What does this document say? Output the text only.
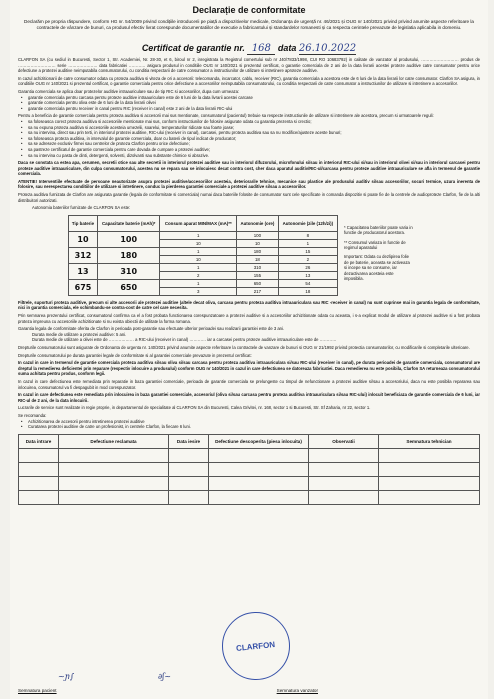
Declarație de conformitate
Declarăm pe propria răspundere, conform HG nr. 54/2009 privind condițiile introducerii pe piață a dispozitivelor medicale, Ordonanța de urgență nr. 46/2021 și OUG nr 140/2021 privind privind anumite aspecte referitoare la contractele de vânzare de bunuri, ca produsul efectiv livrat corespunde documentatiilor de executie a fabricantului și standardelor romanesti și ca respecta cerintele prevazute de legislatia aplicabila in domeniu.
Certificat de garantie nr. 168 data 26.10.2022
CLARFON SA (cu sediul in Bucuresti, Sector 1, Str. Academiei, Nr. 28-30, et 6, biroul nr 2, inregistrata la Registrul comertului sub nr J40/7833/1998, CUI RO 10683792) in calitate de vanzator al produsului, ……………………… produs de ……………………… serie ………………… data fabricatiei ………… asigura produsul in conditiile OUG nr 140/2021 si prezentul certificat, o garantie comerciala de 2 ani de la data livrarii acestei proteze auditive catre consumator pentru orice defectiune a protezei auditive neimputabila consumatorului, cu conditia respectarii de catre consumator a instructiunilor de utilizare si intretinere aproteze auditive.
In cazul achizitionarii de catre consumator odata cu proteza auditiva si viteza de ori a accesorii: telecomanda, incarcator, cablu, receiver (RIC), garantia comerciala a acestora este de 6 luni de la data livrarii lor catre consumator. Clarfon SA asigura, in conditiile OUG nr 140/2021 si prezentul certificat, o garantie comerciala pentru orice defectiune a accesoriilor neimputabila consumatorului, cu conditia respectarii de catre consumator a instructiunilor de utilizare si intretinere a accesoriilor.
Garantia comerciala se aplica doar protezelor auditive intraauriculare sau de tip RIC si accesoriilor, dupa cum urmeaza:
• garantie comerciala pentru carcasa pentru proteze auditive intraauriculare este de 6 luni de la data livrarii acestei carcase
• garantie comerciala pentru oliva este de 6 luni de la data livrarii olivei
• garantie comerciala pentru receiver in canal pentru RIC (receiver in canal) este 2 ani de la data livrarii RIC-ului
Pentru a beneficia de garantie comerciala pentru proteza auditiva si accesorii mai sus mentionate, consumatorul (pacientul) trebuie sa respecte instructiunile de utilizare si intretinere ale acestora, precum si urmatoarele reguli:
• sa foloseasca corect proteza auditiva si accesoriile mentionate mai sus, conform instructiunilor de folosire asigurate odata cu garantia prezenta si crectio;
• sa nu expuna proteza auditiva si accesoriile acesteia umezelii, soarelui, temperaturilor ridicate sau foarte joase;
• sa nu intervina, direct sau prin terti, in interiorul protezei auditive, RIC-ului (receiver in canal), carcasei, pentru proteza auditiva sau sa nu modifice/ajusteze aceste bunuri;
• sa foloseasca proteza auditiva, in intervalul de garantie comerciala, doar cu baterii de tipul indicat de producator;
• sa se adreseze exclusiv firmei sau centrelor de proteza Clarfon pentru orice defectiune;
• sa pastreze certificatul de garantie comerciala pentru care dovada de cumpare a protezei auditive;
• sa nu intervina cu pasta de dinti, detergenti, solventi, dizolvanti sau substante chimice si abrazive.
Daca se constata ca estea apa, cerumen, secretii otice sau alte secretii in interiorul protezei auditive sau in interiorul difuzorului, microfonului si/sau in interiorul RIC-ului si/sau in interiorul olivei si/sau in interiorul carcasei pentru proteze auditive intraauriculare, din culpa consumatorului, acestea nu se repara sau se inlocuiesc decat contra cost, cher daca aparatul auditiv/RIC-ul/carcasa pentru proteze auditive intraauriculare se afla in termenul de garantie comerciala.
ATENTIE! Interventiile efectuate de persoane neautorizate asupra protezei auditive/accesoriilor acesteia, deteriorarile tehnice, mecanice sau plastice ale produsului auditiv si/sau accesoriilor, socuri termice, uzura inerenta de folosire, sau nerespectarea conditiilor de utilizare si intretinere, conduc la pierderea garantiei comerciale a protezei auditive si/sau a accesoriilor.
Proteza auditiva furnizata de Clarfon are asigurata garantie (legala de conformitate si comerciala) numai daca bateriile folosite de consumator sunt cele specificate in comanda dispozitiv si poate fie de la centrele de audioproteze Clarfon, fie de la alti distribuitori autorizati.
Autonomia bateriilor furnizate de CLARFON SA este:
Tip baterie	Capacitate baterie (mAh)*	Consum aparat MIN/MAX (mA)**	Autonomie (ore)	Autonomie (zile (12h/zi))
10	100	1	100	8
		10	10	1
312	180	1	180	15
		10	18	2
13	310	1	310	26
		2	155	13
675	650	1	650	54
		3	217	18

* Capacitatea bateriilor poate varia in functie de producatorul acestora.

** Consumul variaza in functie de regimul aparatului

Important: Odata cu dezlipirea folie de pe baterie, aceasta se activeaza si incepe sa se consume, iar dezactivarea acesteia este imposibila.

Filtrele, suporturi proteza auditive, precum si alte accesorii ale protezei auditive (altele decat oliva, carcasa pentru proteza auditiva intraauriculara sau RIC -receiver in canal) nu sunt cuprinse mai in garantia legala de conformitate, nici in garantia comerciala, ele schimbandu-se contra-cost de catre cel care necesita.
Prin semnarea prezentului certificat, consumatorul confirma ca el a fost probata functionarea corespunzatoare a protezei auditive si a accesoriilor achizitionate odata cu aceasta, i s-a explicat modul de utilizare al protezei auditive si a fost probata proteza impreuna cu accesoriile achizitionate si nu exista obiectii de utilitate la forma romana.
Garantia legala de conformitate oferita de Clarfon in perioada post-garantie sau efectuate ulterior perioadei sau realizarii garantiei este de 3 ani.
Durata medie de utilizare a protezei auditive: 5 ani.
Durata medie de utilizare a olivei este de ……………… a RIC-ului (receiver in canal) ………… iar a carcasei pentru proteze auditive intraauriculare este de …………
Drepturile consumatorului sunt asigurate de Ordonanta de urgenta nr. 140/2021 privind anumite aspecte referitoare la contractele de vanzare de bunuri si OUG nr 21/1992 privind protectia consumatorilor, cu modificarile si completarile ulterioare.
Drepturile consumatorului pe durata garantiei legale de conformitate si al garantiei comerciale prevazute in prezentul certificat:
In cazul in care in termenul de garantie comerciala proteza auditiva si/sau oliva si/sau carcasa pentru proteza auditiva intraauriculara si/sau RIC-ului (receiver in canal), pe durata perioadei de garantie comerciala, consumatorul are dreptul la remedierea deficientei prin reparare (respectiv inlocuire a produsului) conform OUG nr 140/2021 in cazul in care defectiunea se datoreaza fabricatiei. Daca remedierea nu este posibila, Clarfon SA returneaza consumatorului suma achitata pentru produs, conform legii.
In cazul in care defectiunea este remediata prin reparatie in baza garantiei comerciale, perioada de garantie comerciala se prelungeste cu timpul de nefunctionare a protezei auditive si/sau a accesoriului, daca nu este posibila repararea sau inlocuirea, consumatorul va fi despagubit in mod corespunzator.
In cazul in care defectiunea este remediata prin inlocuirea in baza garantiei comerciale, accesoriul (oliva si/sau carcasa pentru proteza auditiva intraauriculara si/sau RIC-ului) inlocuit beneficiaza de garantie comerciala de 6 luni, iar RIC-ul de 2 ani, de la data inlocuirii.
Lucrarile de service sunt realizate in regie proprie, in departamentul de specialitate al CLARFON SA din Bucuresti, Calea Grivitei, nr. 168, sector 1 si Bucuresti, Str. Sf Zaharia, nr 22, sector 1.
Se recomanda:
• Achizitionarea de accesorii pentru intretinerea protezei auditive
• Curatarea protezei auditive de catre un profesionist, in centrele Clarfon, la fiecare 6 luni.
Data intrare	Defectiune reclamata	Data iesire	Defectiune descoperita (piesa inlocuita)	Observatii	Semnatura tehnician

CLARFON
~ɲ∫	∂ʃ~
Semnatura pacient	Semnatura vanzator
